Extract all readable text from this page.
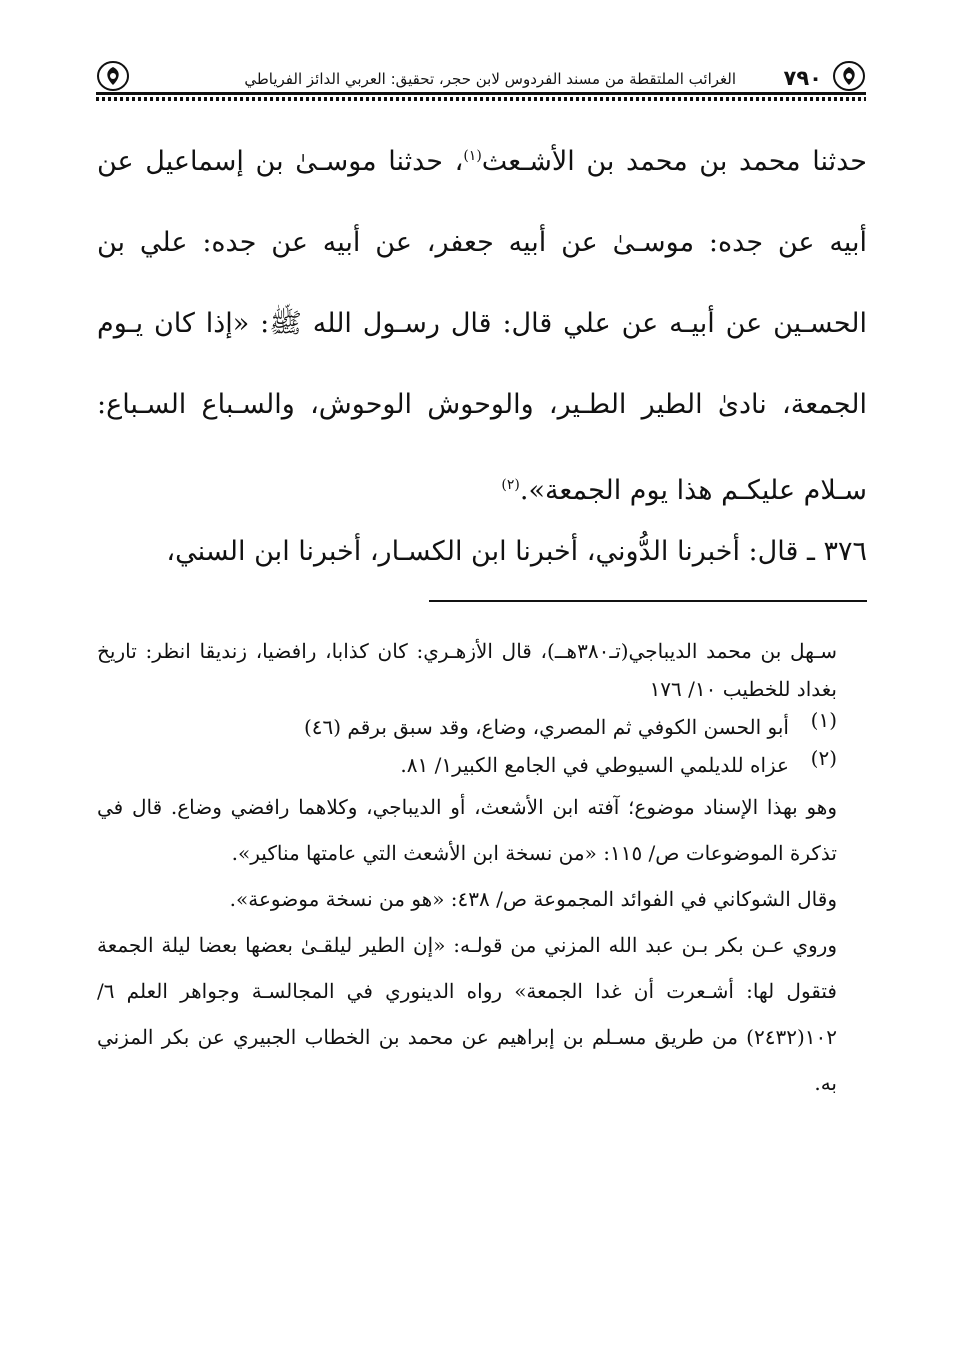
٧٩٠
الغرائب الملتقطة من مسند الفردوس لابن حجر، تحقيق: العربي الدائز الفرياطي

حدثنا محمد بن محمد بن الأشـعث$^{(١)}$، حدثنا موسـىٰ بن إسماعيل عن أبيه عن جده: موسـىٰ عن أبيه جعفر، عن أبيه عن جده: علي بن الحسـين عن أبيـه عن علي قال: قال رسـول الله ﷺ: «إذا كان يـوم الجمعة، نادىٰ الطير الطـير، والوحوش الوحوش، والسـباع السـباع: سـلام عليكـم هذا يوم الجمعة».$^{(٢)}$

٣٧٦ ـ قال: أخبرنا الدُّوني، أخبرنا ابن الكسـار، أخبرنا ابن السني،

سـهل بن محمد الديباجي(تـ٣٨٠هــ)، قال الأزهـري: كان كذابا، رافضيا، زنديقا انظر: تاريخ بغداد للخطيب ١٠/ ١٧٦

(١)

أبو الحسن الكوفي ثم المصري، وضاع، وقد سبق برقم (٤٦)

(٢)

عزاه للديلمي السيوطي في الجامع الكبير١/ ٨١.

وهو بهذا الإسناد موضوع؛ آفته ابن الأشعث، أو الديباجي، وكلاهما رافضي وضاع. قال في تذكرة الموضوعات ص/ ١١٥: «من نسخة ابن الأشعث التي عامتها مناكير».

وقال الشوكاني في الفوائد المجموعة ص/ ٤٣٨: «هو من نسخة موضوعة».

وروي عـن بكر بـن عبد الله المزني من قولـه: «إن الطير ليلقـىٰ بعضها بعضا ليلة الجمعة فتقول لها: أشـعرت أن غدا الجمعة» رواه الدينوري في المجالسـة وجواهر العلم ٦/ ١٠٢(٢٤٣٢) من طريق مسـلم بن إبراهيم عن محمد بن الخطاب الجبيري عن بكر المزني به.
